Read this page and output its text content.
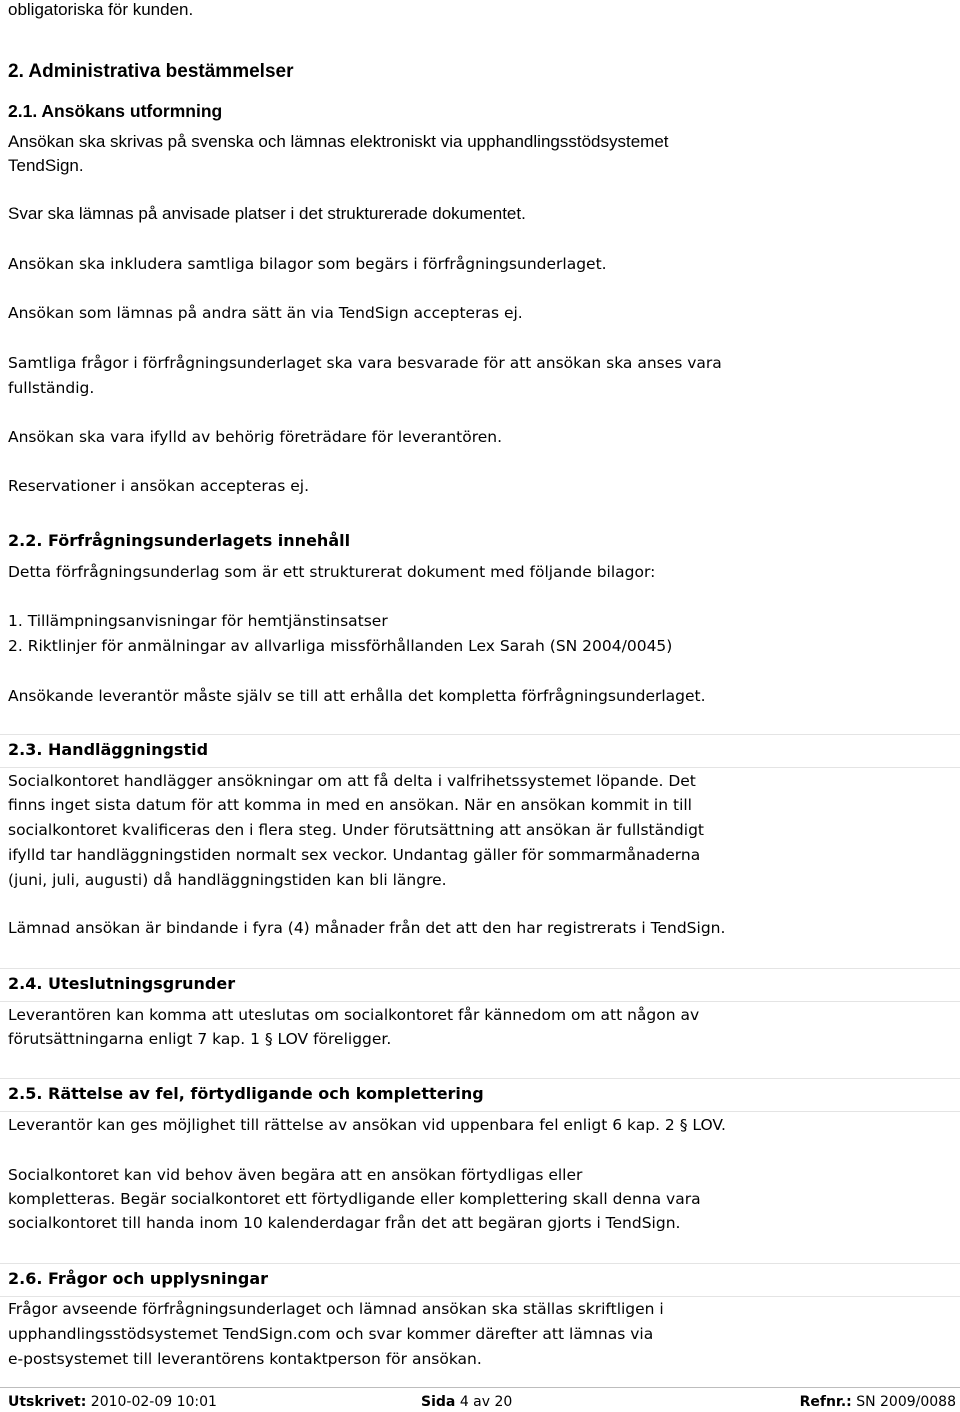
obligatoriska för kunden.
2. Administrativa bestämmelser
2.1. Ansökans utformning
Ansökan ska skrivas på svenska och lämnas elektroniskt via upphandlingsstödsystemet
TendSign.
Svar ska lämnas på anvisade platser i det strukturerade dokumentet.
Ansökan ska inkludera samtliga bilagor som begärs i förfrågningsunderlaget.
Ansökan som lämnas på andra sätt än via TendSign accepteras ej.
Samtliga frågor i förfrågningsunderlaget ska vara besvarade för att ansökan ska anses vara
fullständig.
Ansökan ska vara ifylld av behörig företrädare för leverantören.
Reservationer i ansökan accepteras ej.
2.2. Förfrågningsunderlagets innehåll
Detta förfrågningsunderlag som är ett strukturerat dokument med följande bilagor:
1. Tillämpningsanvisningar för hemtjänstinsatser
2. Riktlinjer för anmälningar av allvarliga missförhållanden Lex Sarah (SN 2004/0045)
Ansökande leverantör måste själv se till att erhålla det kompletta förfrågningsunderlaget.
2.3. Handläggningstid
Socialkontoret handlägger ansökningar om att få delta i valfrihetssystemet löpande. Det
finns inget sista datum för att komma in med en ansökan. När en ansökan kommit in till
socialkontoret kvalificeras den i flera steg. Under förutsättning att ansökan är fullständigt
ifylld tar handläggningstiden normalt sex veckor. Undantag gäller för sommarmånaderna
(juni, juli, augusti) då handläggningstiden kan bli längre.
Lämnad ansökan är bindande i fyra (4) månader från det att den har registrerats i TendSign.
2.4. Uteslutningsgrunder
Leverantören kan komma att uteslutas om socialkontoret får kännedom om att någon av
förutsättningarna enligt 7 kap. 1 § LOV föreligger.
2.5. Rättelse av fel, förtydligande och komplettering
Leverantör kan ges möjlighet till rättelse av ansökan vid uppenbara fel enligt 6 kap. 2 § LOV.
Socialkontoret kan vid behov även begära att en ansökan förtydligas eller
kompletteras. Begär socialkontoret ett förtydligande eller komplettering skall denna vara
socialkontoret till handa inom 10 kalenderdagar från det att begäran gjorts i TendSign.
2.6. Frågor och upplysningar
Frågor avseende förfrågningsunderlaget och lämnad ansökan ska ställas skriftligen i
upphandlingsstödsystemet TendSign.com och svar kommer därefter att lämnas via
e-postsystemet till leverantörens kontaktperson för ansökan.
Utskrivet: 2010-02-09 10:01	Sida 4 av 20	Refnr.: SN 2009/0088
